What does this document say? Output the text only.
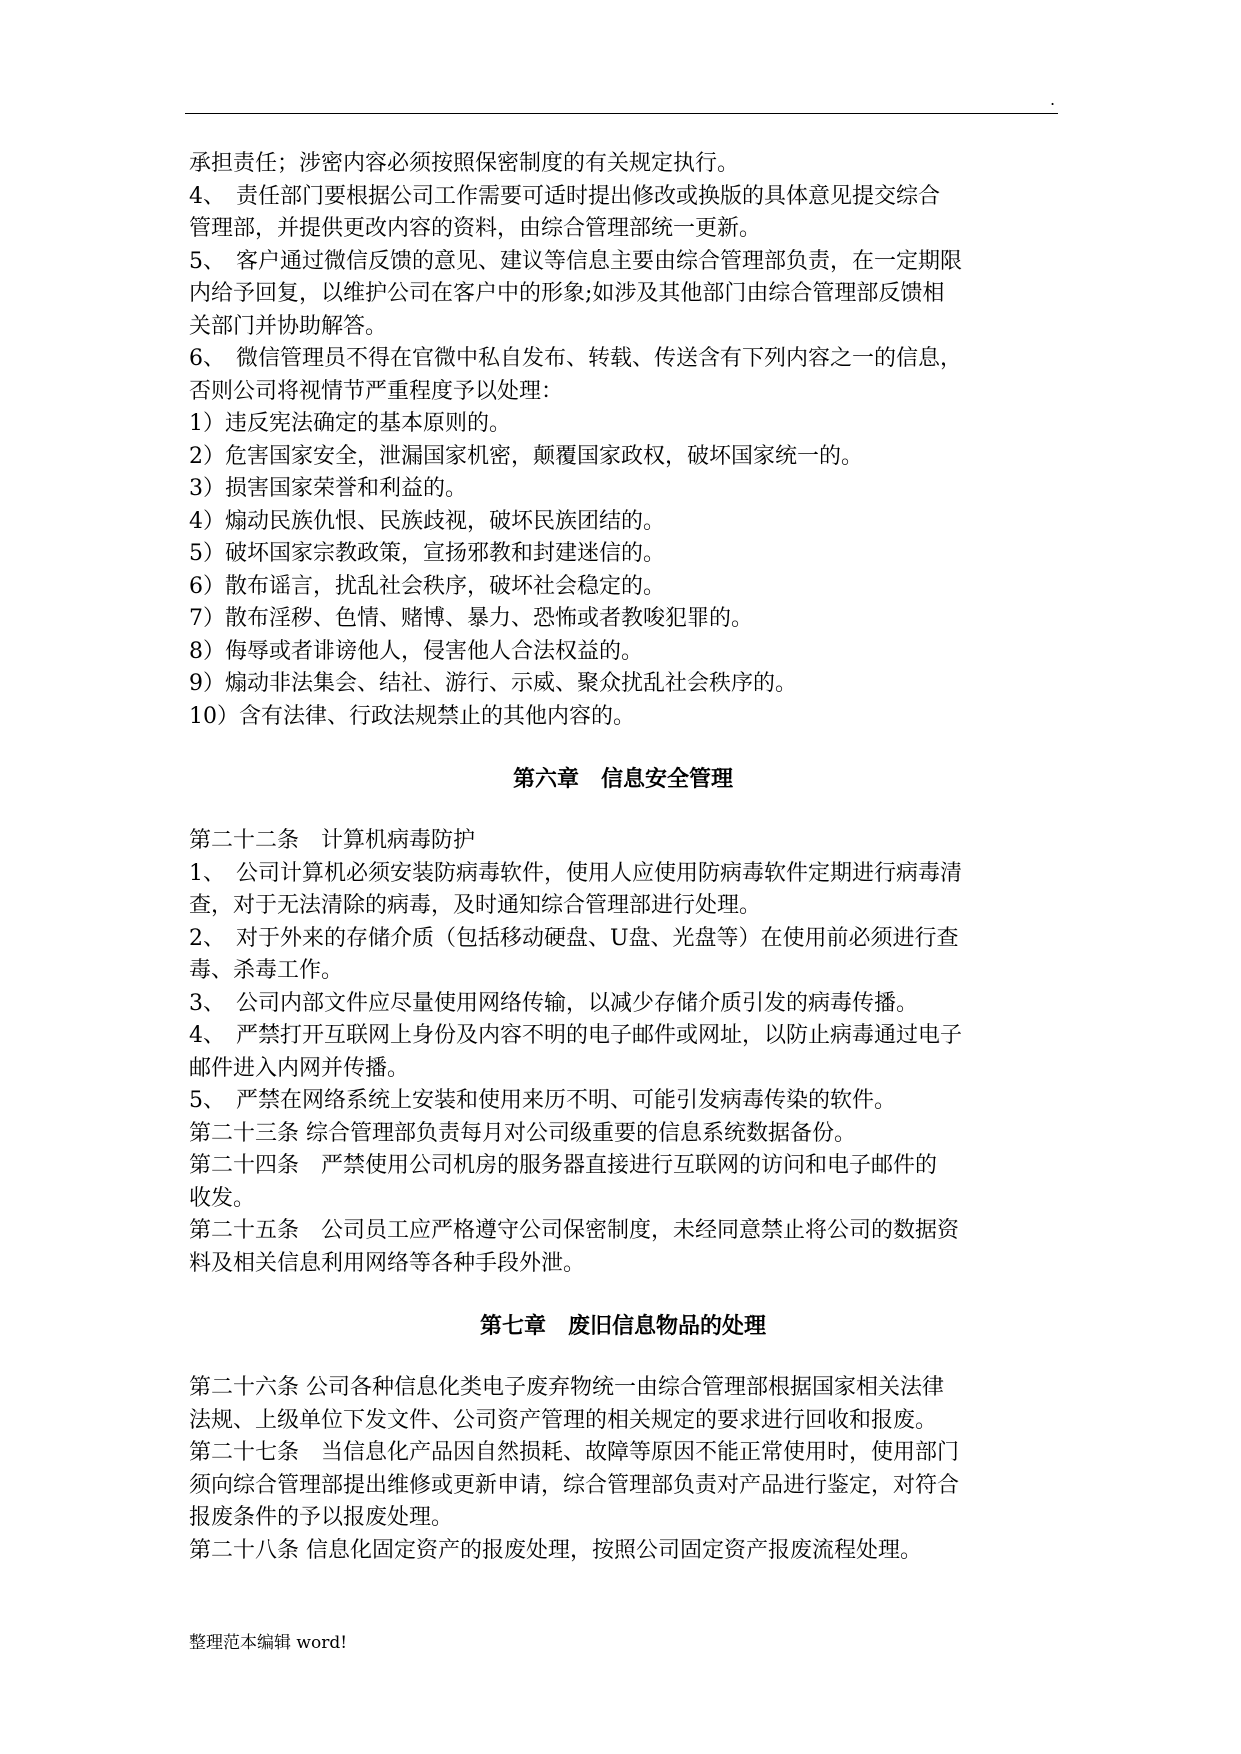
.
承担责任；涉密内容必须按照保密制度的有关规定执行。
4、　责任部门要根据公司工作需要可适时提出修改或换版的具体意见提交综合
管理部，并提供更改内容的资料，由综合管理部统一更新。
5、　客户通过微信反馈的意见、建议等信息主要由综合管理部负责，在一定期限
内给予回复，以维护公司在客户中的形象;如涉及其他部门由综合管理部反馈相
关部门并协助解答。
6、　微信管理员不得在官微中私自发布、转载、传送含有下列内容之一的信息，
否则公司将视情节严重程度予以处理：
1）违反宪法确定的基本原则的。
2）危害国家安全，泄漏国家机密，颠覆国家政权，破坏国家统一的。
3）损害国家荣誉和利益的。
4）煽动民族仇恨、民族歧视，破坏民族团结的。
5）破坏国家宗教政策，宣扬邪教和封建迷信的。
6）散布谣言，扰乱社会秩序，破坏社会稳定的。
7）散布淫秽、色情、赌博、暴力、恐怖或者教唆犯罪的。
8）侮辱或者诽谤他人，侵害他人合法权益的。
9）煽动非法集会、结社、游行、示威、聚众扰乱社会秩序的。
10）含有法律、行政法规禁止的其他内容的。
第六章　信息安全管理
第二十二条　计算机病毒防护
1、　公司计算机必须安装防病毒软件，使用人应使用防病毒软件定期进行病毒清
查，对于无法清除的病毒，及时通知综合管理部进行处理。
2、　对于外来的存储介质（包括移动硬盘、U盘、光盘等）在使用前必须进行查
毒、杀毒工作。
3、　公司内部文件应尽量使用网络传输，以减少存储介质引发的病毒传播。
4、　严禁打开互联网上身份及内容不明的电子邮件或网址，以防止病毒通过电子
邮件进入内网并传播。
5、　严禁在网络系统上安装和使用来历不明、可能引发病毒传染的软件。
第二十三条 综合管理部负责每月对公司级重要的信息系统数据备份。
第二十四条　严禁使用公司机房的服务器直接进行互联网的访问和电子邮件的
收发。
第二十五条　公司员工应严格遵守公司保密制度，未经同意禁止将公司的数据资
料及相关信息利用网络等各种手段外泄。
第七章　废旧信息物品的处理
第二十六条 公司各种信息化类电子废弃物统一由综合管理部根据国家相关法律
法规、上级单位下发文件、公司资产管理的相关规定的要求进行回收和报废。
第二十七条　当信息化产品因自然损耗、故障等原因不能正常使用时，使用部门
须向综合管理部提出维修或更新申请，综合管理部负责对产品进行鉴定，对符合
报废条件的予以报废处理。
第二十八条 信息化固定资产的报废处理，按照公司固定资产报废流程处理。
整理范本编辑 word!
